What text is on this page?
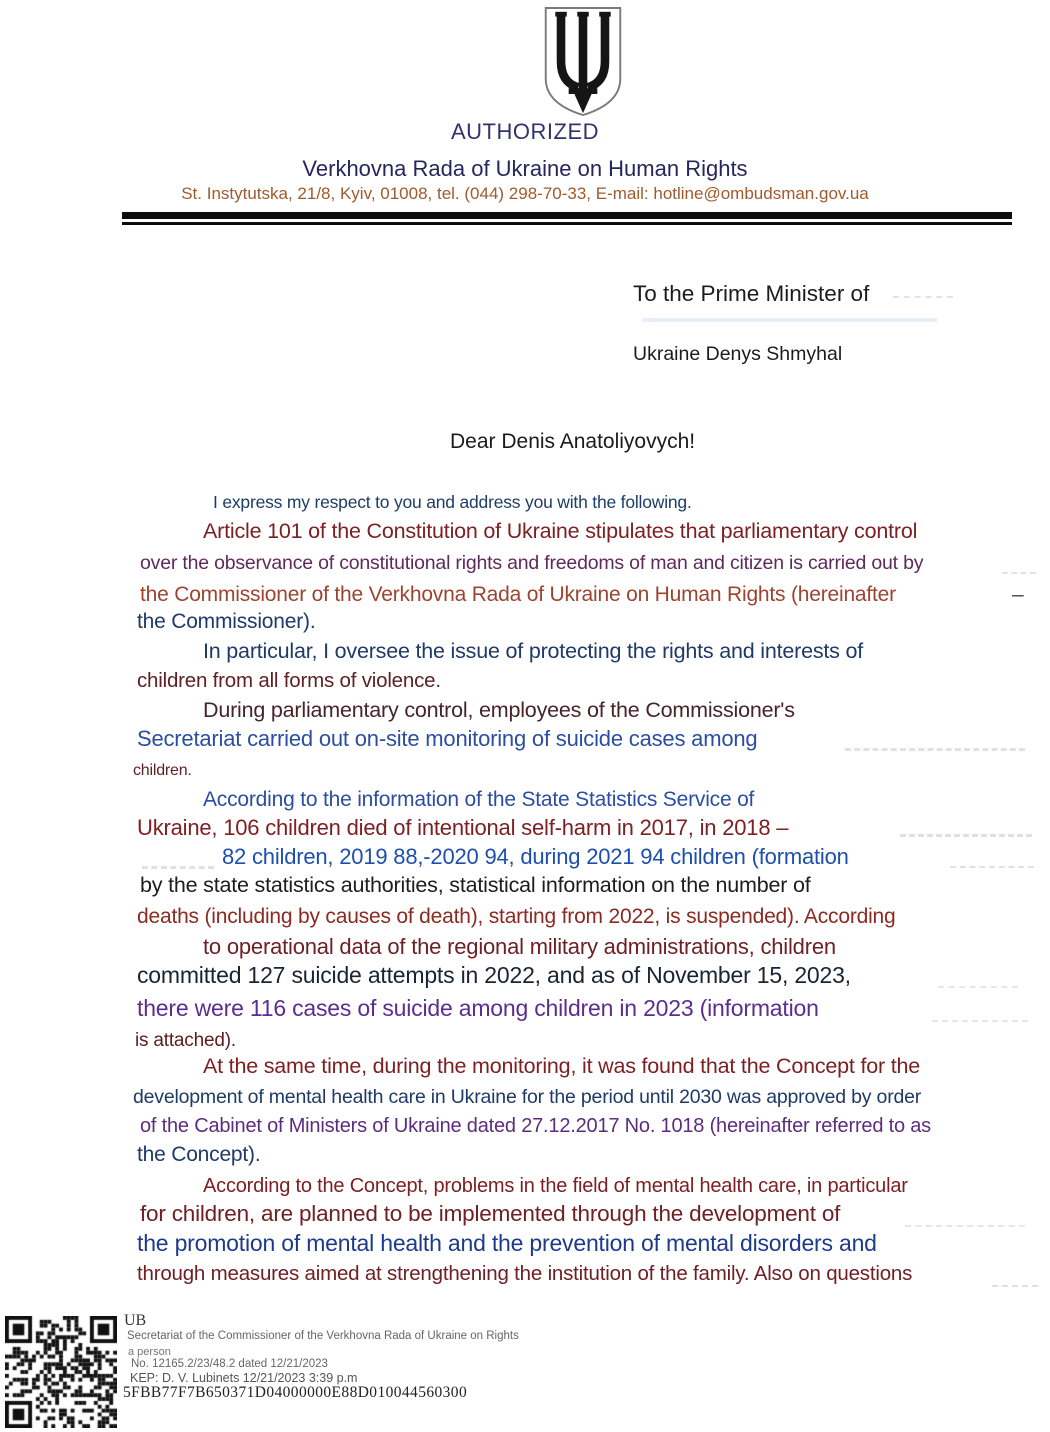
AUTHORIZED
Verkhovna Rada of Ukraine on Human Rights
St. Instytutska, 21/8, Kyiv, 01008, tel. (044) 298-70-33, E-mail: hotline@ombudsman.gov.ua
To the Prime Minister of
Ukraine Denys Shmyhal
Dear Denis Anatoliyovych!
I express my respect to you and address you with the following.
Article 101 of the Constitution of Ukraine stipulates that parliamentary control
over the observance of constitutional rights and freedoms of man and citizen is carried out by
the Commissioner of the Verkhovna Rada of Ukraine on Human Rights (hereinafter	–
the Commissioner).
In particular, I oversee the issue of protecting the rights and interests of
children from all forms of violence.
During parliamentary control, employees of the Commissioner's
Secretariat carried out on-site monitoring of suicide cases among
children.
According to the information of the State Statistics Service of
Ukraine, 106 children died of intentional self-harm in 2017, in 2018 –
82 children, 2019 88,-2020 94, during 2021 94 children (formation
by the state statistics authorities, statistical information on the number of
deaths (including by causes of death), starting from 2022, is suspended). According
to operational data of the regional military administrations, children
committed 127 suicide attempts in 2022, and as of November 15, 2023,
there were 116 cases of suicide among children in 2023 (information
is attached).
At the same time, during the monitoring, it was found that the Concept for the
development of mental health care in Ukraine for the period until 2030 was approved by order
of the Cabinet of Ministers of Ukraine dated 27.12.2017 No. 1018 (hereinafter referred to as
the Concept).
According to the Concept, problems in the field of mental health care, in particular
for children, are planned to be implemented through the development of
the promotion of mental health and the prevention of mental disorders and
through measures aimed at strengthening the institution of the family. Also on questions
UB
Secretariat of the Commissioner of the Verkhovna Rada of Ukraine on Rights
a person
No. 12165.2/23/48.2 dated 12/21/2023
KEP: D. V. Lubinets 12/21/2023 3:39 p.m
5FBB77F7B650371D04000000E88D010044560300
